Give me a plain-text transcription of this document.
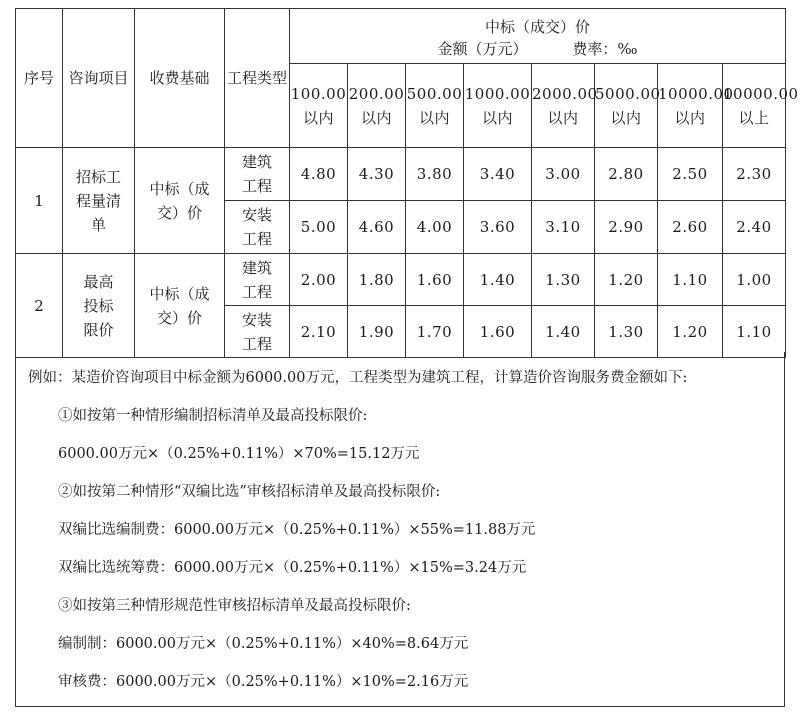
序号	咨询项目	收费基础	工程类型	中标（成交）价
金额（万元） 费率：‰							

				100.00以内	200.00以内	500.00以内	1000.00以内	2000.00以内	5000.00以内	10000.00以内	10000.00以上
1	招标工程量清单	中标（成交）价	建筑工程	4.80	4.30	3.80	3.40	3.00	2.80	2.50	2.30
			安装工程	5.00	4.60	4.00	3.60	3.10	2.90	2.60	2.40
2	最高投标限价	中标（成交）价	建筑工程	2.00	1.80	1.60	1.40	1.30	1.20	1.10	1.00
			安装工程	2.10	1.90	1.70	1.60	1.40	1.30	1.20	1.10
例如：某造价咨询项目中标金额为6000.00万元，工程类型为建筑工程，计算造价咨询服务费金额如下:
①如按第一种情形编制招标清单及最高投标限价:
6000.00万元×（0.25%+0.11%）×70%=15.12万元
②如按第二种情形“双编比选”审核招标清单及最高投标限价:
双编比选编制费：6000.00万元×（0.25%+0.11%）×55%=11.88万元
双编比选统筹费：6000.00万元×（0.25%+0.11%）×15%=3.24万元
③如按第三种情形规范性审核招标清单及最高投标限价:
编制制：6000.00万元×（0.25%+0.11%）×40%=8.64万元
审核费：6000.00万元×（0.25%+0.11%）×10%=2.16万元
